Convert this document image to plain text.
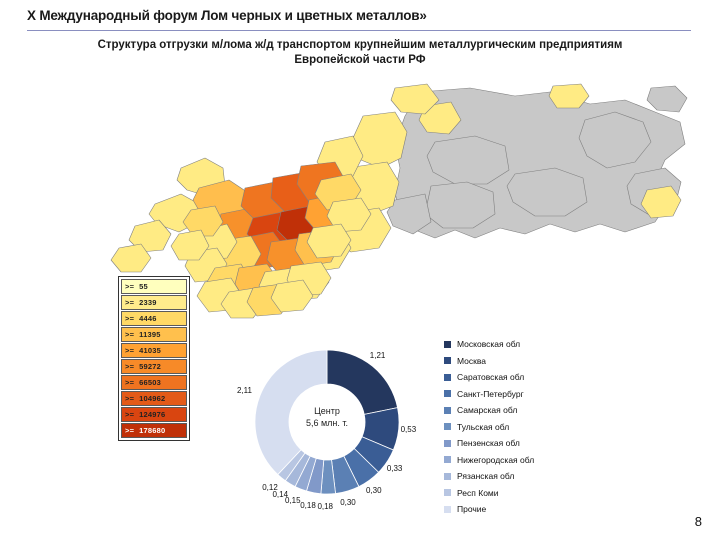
X Международный форум Лом черных и цветных металлов»
Структура отгрузки м/лома ж/д транспортом крупнейшим металлургическим предприятиям Европейской части РФ
>= 55
>= 2339
>= 4446
>= 11395
>= 41035
>= 59272
>= 66503
>= 104962
>= 124976
>= 178680
Центр
5,6 млн. т.
1,21
0,53
0,33
0,30
0,30
0,18
0,18
0,15
0,14
0,12
2,11
Московская обл
Москва
Саратовская обл
Санкт-Петербург
Самарская обл
Тульская обл
Пензенская обл
Нижегородская обл
Рязанская обл
Респ Коми
Прочие
8
